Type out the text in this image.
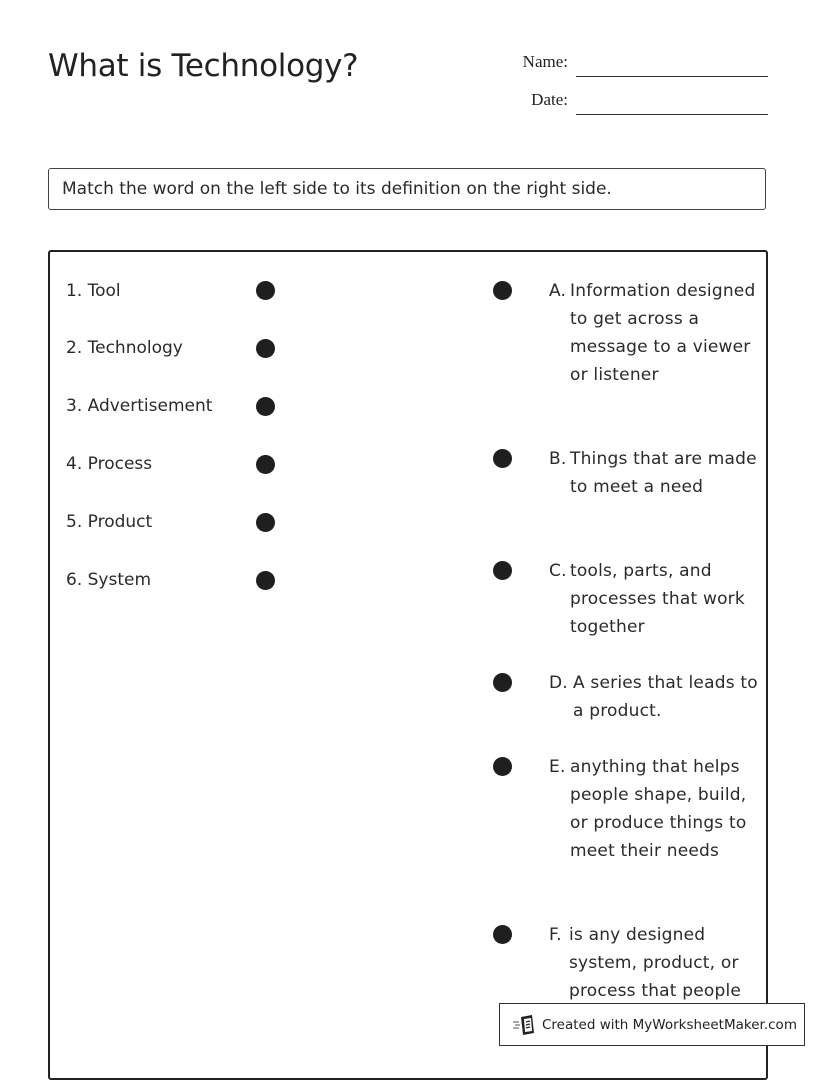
What is Technology?	Name:
Date:
Match the word on the left side to its definition on the right side.
1. Tool
2. Technology
3. Advertisement
4. Process
5. Product
6. System
A. Information designed to get across a message to a viewer or listener
B. Things that are made to meet a need
C. tools, parts, and processes that work together
D. A series that leads to a product.
E. anything that helps people shape, build, or produce things to meet their needs
F. is any designed system, product, or process that people
Created with MyWorksheetMaker.com
